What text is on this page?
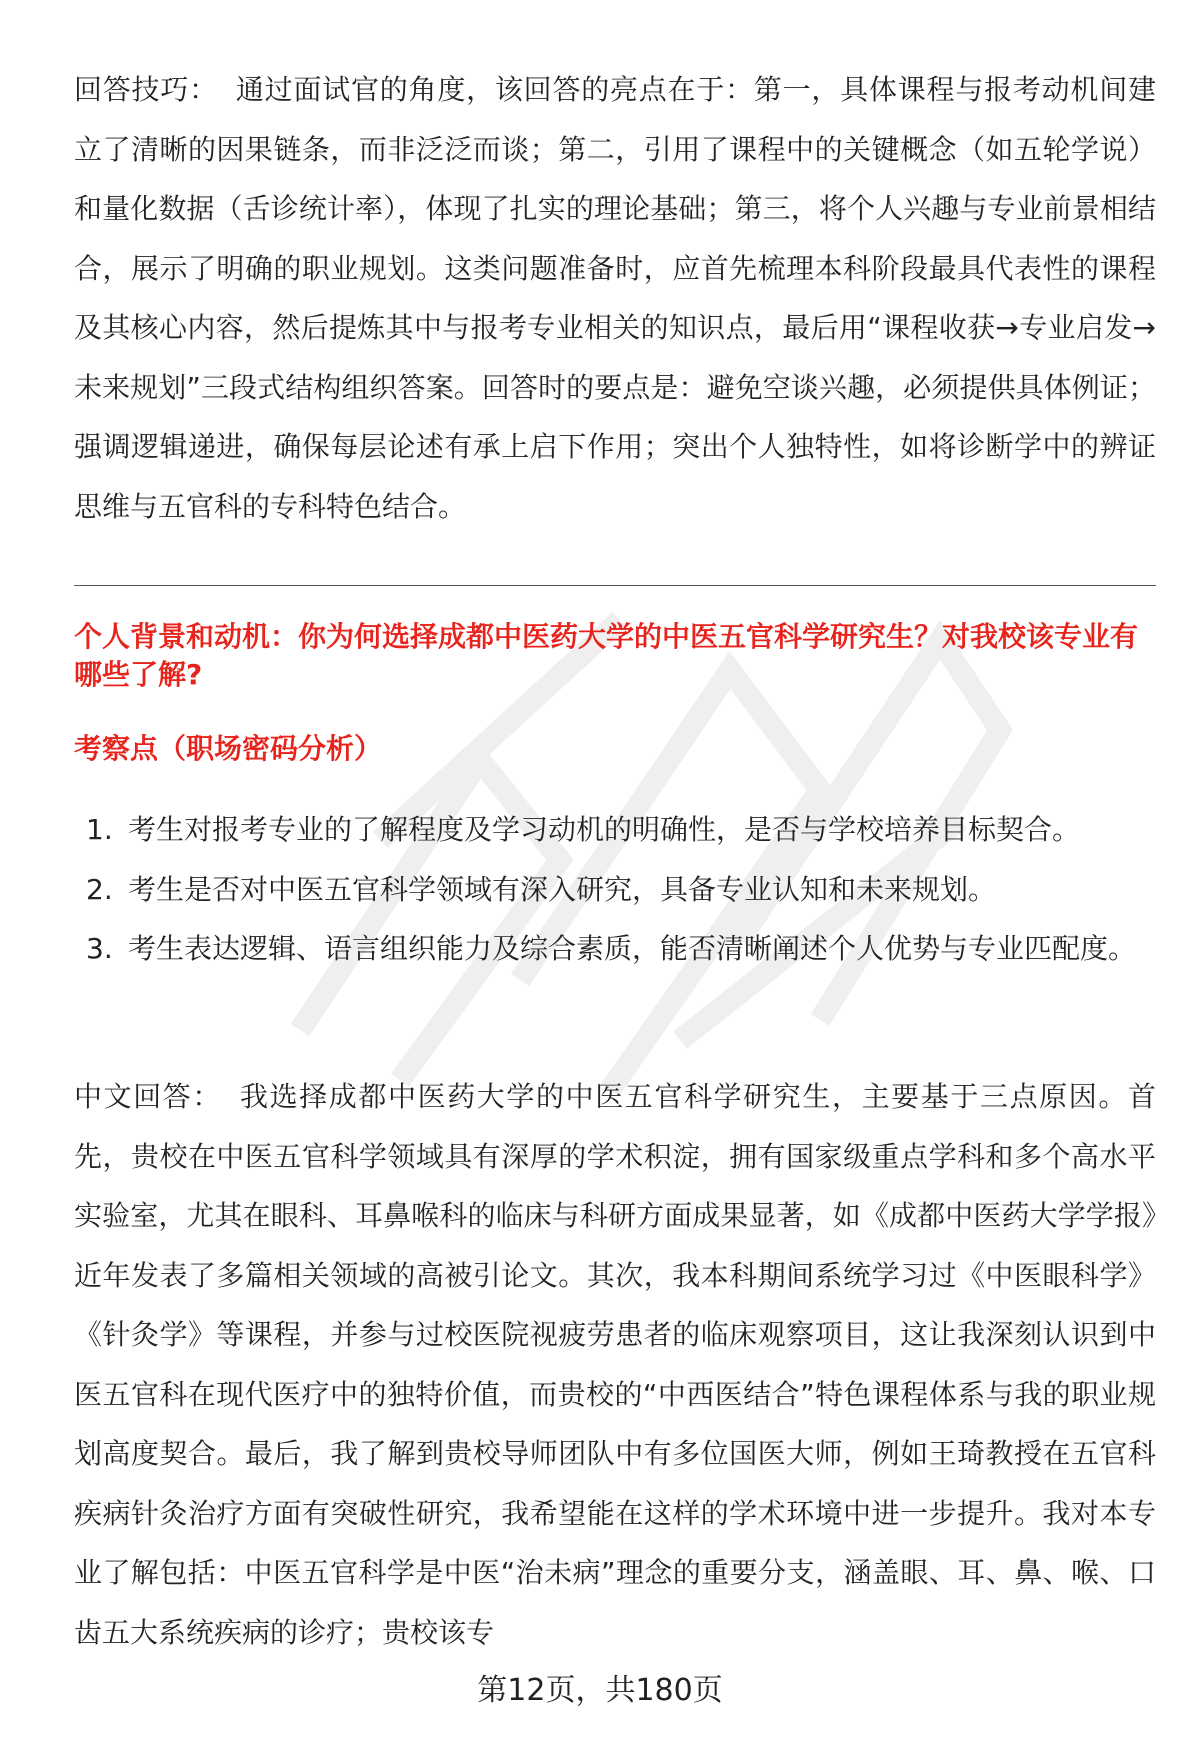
回答技巧： 通过面试官的角度，该回答的亮点在于：第一，具体课程与报考动机间建立了清晰的因果链条，而非泛泛而谈；第二，引用了课程中的关键概念（如五轮学说）和量化数据（舌诊统计率），体现了扎实的理论基础；第三，将个人兴趣与专业前景相结合，展示了明确的职业规划。这类问题准备时，应首先梳理本科阶段最具代表性的课程及其核心内容，然后提炼其中与报考专业相关的知识点，最后用“课程收获→专业启发→未来规划”三段式结构组织答案。回答时的要点是：避免空谈兴趣，必须提供具体例证；强调逻辑递进，确保每层论述有承上启下作用；突出个人独特性，如将诊断学中的辨证思维与五官科的专科特色结合。

个人背景和动机：你为何选择成都中医药大学的中医五官科学研究生？对我校该专业有哪些了解?

考察点（职场密码分析）

1. 考生对报考专业的了解程度及学习动机的明确性，是否与学校培养目标契合。
2. 考生是否对中医五官科学领域有深入研究，具备专业认知和未来规划。
3. 考生表达逻辑、语言组织能力及综合素质，能否清晰阐述个人优势与专业匹配度。

中文回答： 我选择成都中医药大学的中医五官科学研究生，主要基于三点原因。首先，贵校在中医五官科学领域具有深厚的学术积淀，拥有国家级重点学科和多个高水平实验室，尤其在眼科、耳鼻喉科的临床与科研方面成果显著，如《成都中医药大学学报》近年发表了多篇相关领域的高被引论文。其次，我本科期间系统学习过《中医眼科学》《针灸学》等课程，并参与过校医院视疲劳患者的临床观察项目，这让我深刻认识到中医五官科在现代医疗中的独特价值，而贵校的“中西医结合”特色课程体系与我的职业规划高度契合。最后，我了解到贵校导师团队中有多位国医大师，例如王琦教授在五官科疾病针灸治疗方面有突破性研究，我希望能在这样的学术环境中进一步提升。我对本专业了解包括：中医五官科学是中医“治未病”理念的重要分支，涵盖眼、耳、鼻、喉、口齿五大系统疾病的诊疗；贵校该专

第12页，共180页
